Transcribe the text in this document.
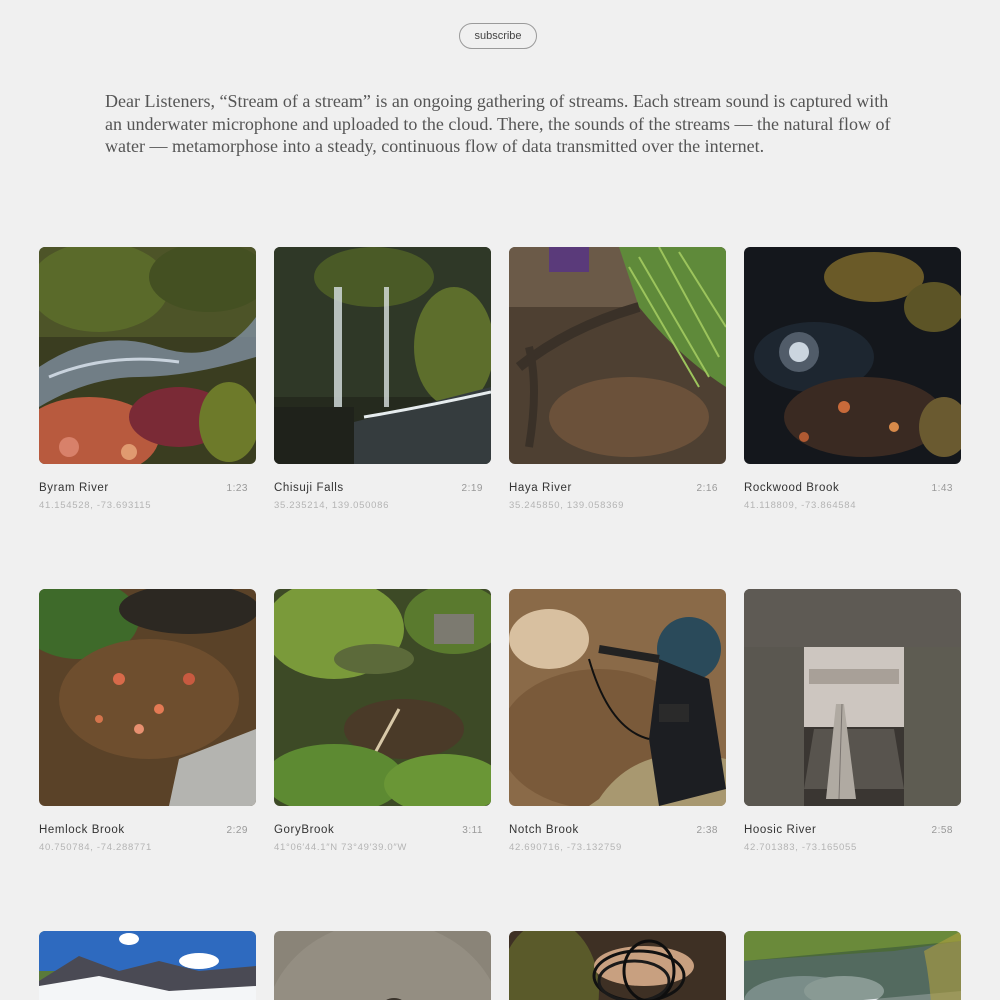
subscribe

Dear Listeners, “Stream of a stream” is an ongoing gathering of streams. Each stream sound is captured with an underwater microphone and uploaded to the cloud. There, the sounds of the streams — the natural flow of water — metamorphose into a steady, continuous flow of data transmitted over the internet.

Byram River	1:23
41.154528, -73.693115
Chisuji Falls	2:19
35.235214, 139.050086
Haya River	2:16
35.245850, 139.058369
Rockwood Brook	1:43
41.118809, -73.864584
Hemlock Brook	2:29
40.750784, -74.288771
GoryBrook	3:11
41°06′44.1″N 73°49′39.0″W
Notch Brook	2:38
42.690716, -73.132759
Hoosic River	2:58
42.701383, -73.165055
